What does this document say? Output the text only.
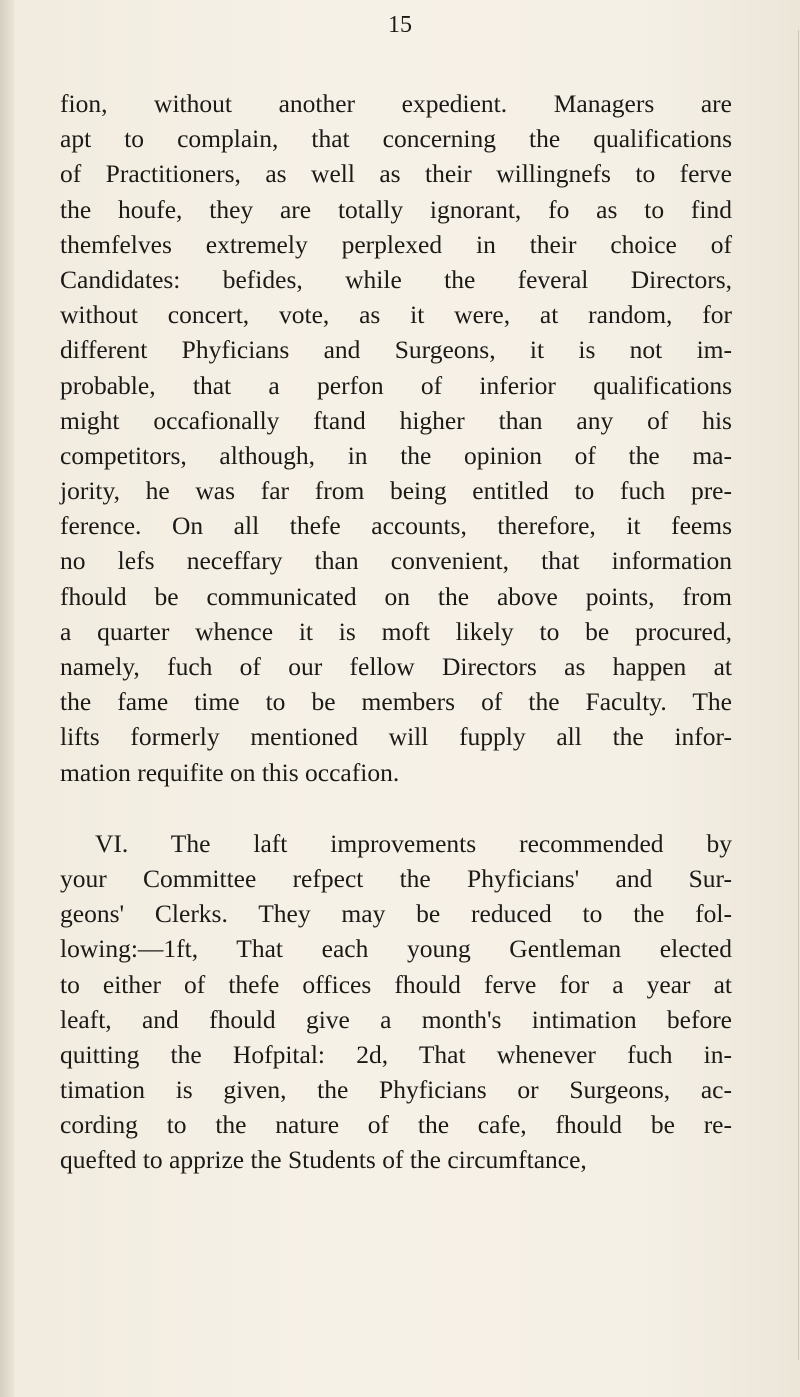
15
fion, without another expedient. Managers are
apt to complain, that concerning the qualifications
of Practitioners, as well as their willingnefs to ferve
the houfe, they are totally ignorant, fo as to find
themfelves extremely perplexed in their choice of
Candidates: befides, while the feveral Directors,
without concert, vote, as it were, at random, for
different Phyficians and Surgeons, it is not im-
probable, that a perfon of inferior qualifications
might occafionally ftand higher than any of his
competitors, although, in the opinion of the ma-
jority, he was far from being entitled to fuch pre-
ference. On all thefe accounts, therefore, it feems
no lefs neceffary than convenient, that information
fhould be communicated on the above points, from
a quarter whence it is moft likely to be procured,
namely, fuch of our fellow Directors as happen at
the fame time to be members of the Faculty. The
lifts formerly mentioned will fupply all the infor-
mation requifite on this occafion.
VI. The laft improvements recommended by
your Committee refpect the Phyficians' and Sur-
geons' Clerks. They may be reduced to the fol-
lowing:—1ft, That each young Gentleman elected
to either of thefe offices fhould ferve for a year at
leaft, and fhould give a month's intimation before
quitting the Hofpital: 2d, That whenever fuch in-
timation is given, the Phyficians or Surgeons, ac-
cording to the nature of the cafe, fhould be re-
quefted to apprize the Students of the circumftance,
